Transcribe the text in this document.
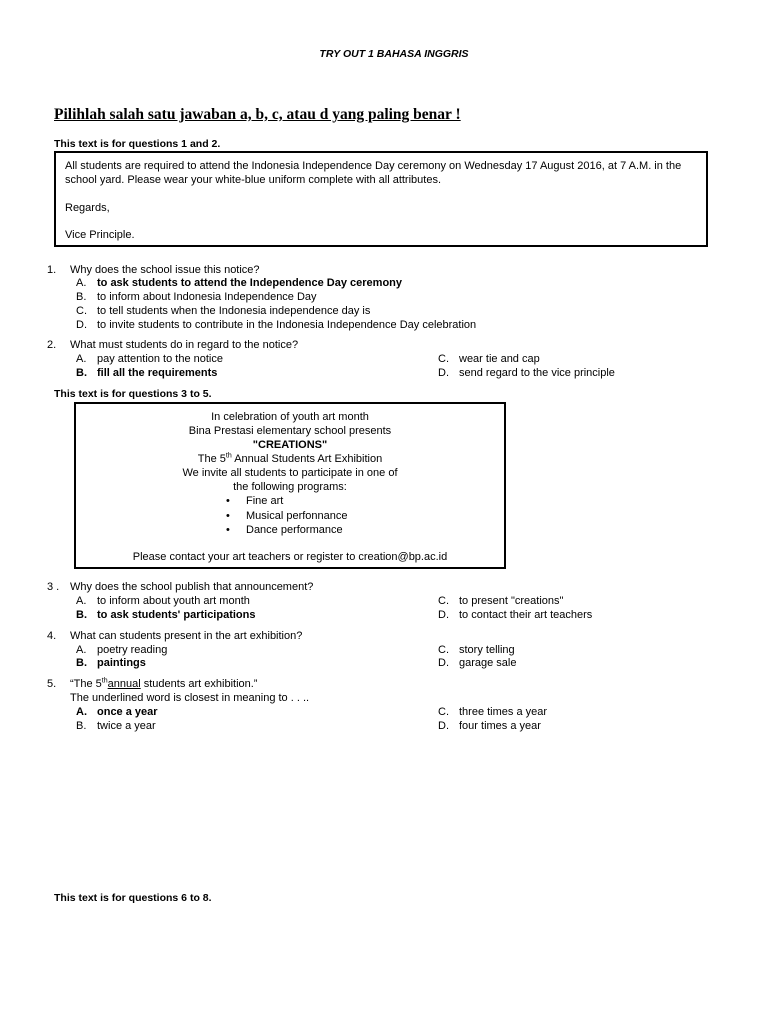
TRY OUT 1 BAHASA INGGRIS
Pilihlah salah satu jawaban a, b, c, atau d yang paling benar !
This text is for questions 1 and 2.
All students are required to attend the Indonesia Independence Day ceremony on Wednesday 17 August 2016, at 7 A.M. in the
school yard. Please wear your white-blue uniform complete with all attributes.
Regards,
Vice Principle.
1. Why does the school issue this notice?
A. to ask students to attend the Independence Day ceremony
B. to inform about Indonesia Independence Day
C. to tell students when the Indonesia independence day is
D. to invite students to contribute in the Indonesia Independence Day celebration
2. What must students do in regard to the notice?
A. pay attention to the notice
B. fill all the requirements
C. wear tie and cap
D. send regard to the vice principle
This text is for questions 3 to 5.
In celebration of youth art month
Bina Prestasi elementary school presents
"CREATIONS"
The 5th Annual Students Art Exhibition
We invite all students to participate in one of
the following programs:
•	Fine art
•	Musical perfonnance
•	Dance performance
Please contact your art teachers or register to creation@bp.ac.id
3 . Why does the school publish that announcement?
A. to inform about youth art month
B. to ask students' participations
C. to present "creations"
D. to contact their art teachers
4. What can students present in the art exhibition?
A. poetry reading
B. paintings
C. story telling
D. garage sale
5. “The 5thannual students art exhibition.”
The underlined word is closest in meaning to . . ..
A. once a year
B. twice a year
C. three times a year
D. four times a year
This text is for questions 6 to 8.
